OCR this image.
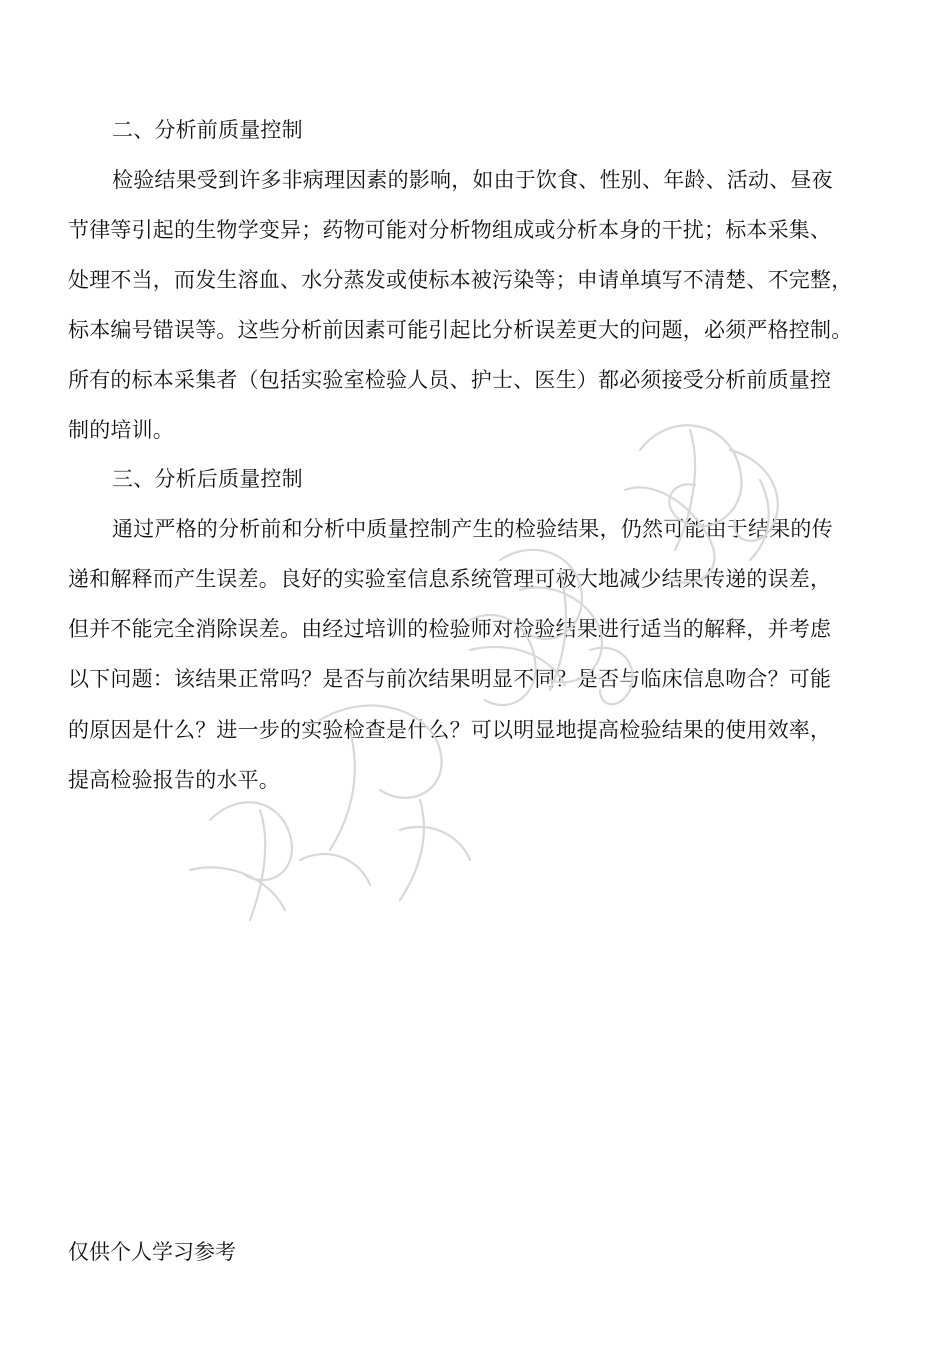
二、分析前质量控制
检验结果受到许多非病理因素的影响，如由于饮食、性别、年龄、活动、昼夜
节律等引起的生物学变异；药物可能对分析物组成或分析本身的干扰；标本采集、
处理不当，而发生溶血、水分蒸发或使标本被污染等；申请单填写不清楚、不完整，
标本编号错误等。这些分析前因素可能引起比分析误差更大的问题，必须严格控制。
所有的标本采集者（包括实验室检验人员、护士、医生）都必须接受分析前质量控
制的培训。
三、分析后质量控制
通过严格的分析前和分析中质量控制产生的检验结果，仍然可能由于结果的传
递和解释而产生误差。良好的实验室信息系统管理可极大地减少结果传递的误差，
但并不能完全消除误差。由经过培训的检验师对检验结果进行适当的解释，并考虑
以下问题：该结果正常吗？是否与前次结果明显不同？是否与临床信息吻合？可能
的原因是什么？进一步的实验检查是什么？可以明显地提高检验结果的使用效率，
提高检验报告的水平。
仅供个人学习参考
